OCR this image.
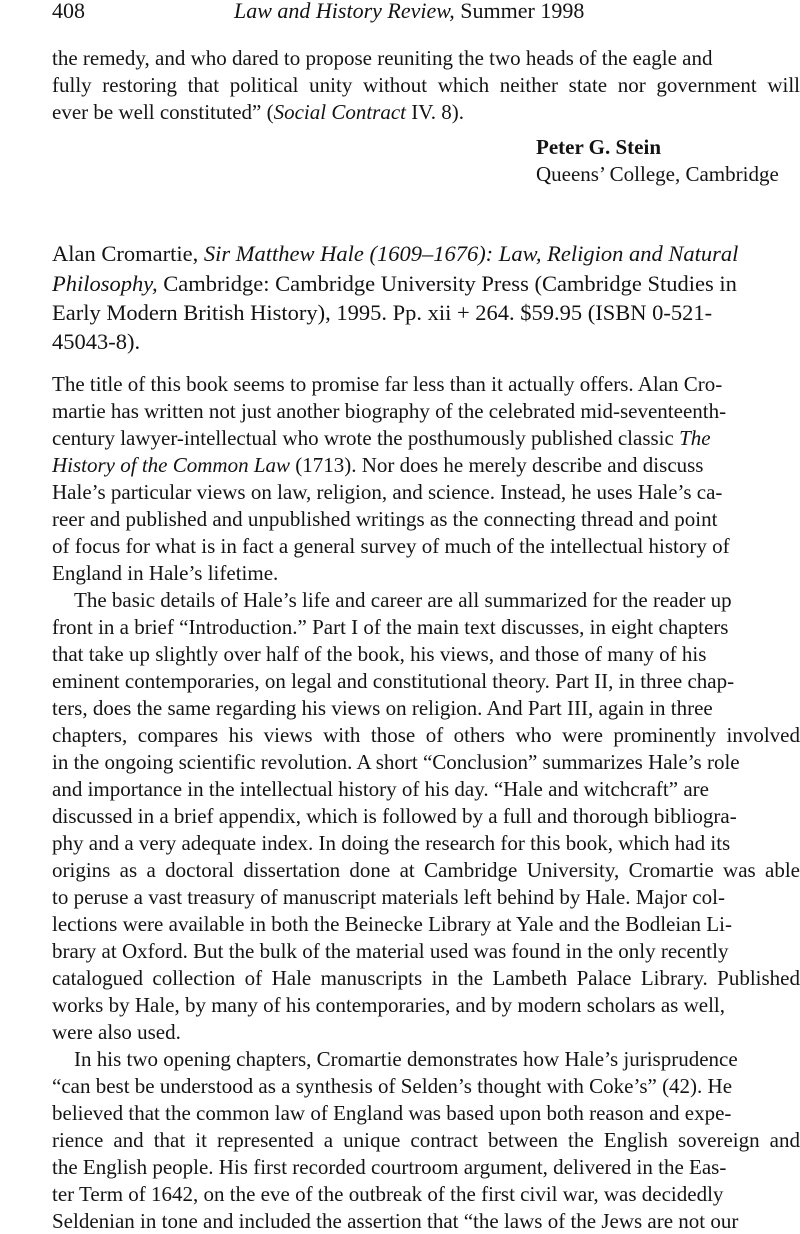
408	Law and History Review, Summer 1998
the remedy, and who dared to propose reuniting the two heads of the eagle and
fully restoring that political unity without which neither state nor government will
ever be well constituted” (Social Contract IV. 8).
Peter G. Stein
Queens’ College, Cambridge
Alan Cromartie, Sir Matthew Hale (1609–1676): Law, Religion and Natural
Philosophy, Cambridge: Cambridge University Press (Cambridge Studies in
Early Modern British History), 1995. Pp. xii + 264. $59.95 (ISBN 0-521-
45043-8).
The title of this book seems to promise far less than it actually offers. Alan Cro-
martie has written not just another biography of the celebrated mid-seventeenth-
century lawyer-intellectual who wrote the posthumously published classic The
History of the Common Law (1713). Nor does he merely describe and discuss
Hale’s particular views on law, religion, and science. Instead, he uses Hale’s ca-
reer and published and unpublished writings as the connecting thread and point
of focus for what is in fact a general survey of much of the intellectual history of
England in Hale’s lifetime.
The basic details of Hale’s life and career are all summarized for the reader up
front in a brief “Introduction.” Part I of the main text discusses, in eight chapters
that take up slightly over half of the book, his views, and those of many of his
eminent contemporaries, on legal and constitutional theory. Part II, in three chap-
ters, does the same regarding his views on religion. And Part III, again in three
chapters, compares his views with those of others who were prominently involved
in the ongoing scientific revolution. A short “Conclusion” summarizes Hale’s role
and importance in the intellectual history of his day. “Hale and witchcraft” are
discussed in a brief appendix, which is followed by a full and thorough bibliogra-
phy and a very adequate index. In doing the research for this book, which had its
origins as a doctoral dissertation done at Cambridge University, Cromartie was able
to peruse a vast treasury of manuscript materials left behind by Hale. Major col-
lections were available in both the Beinecke Library at Yale and the Bodleian Li-
brary at Oxford. But the bulk of the material used was found in the only recently
catalogued collection of Hale manuscripts in the Lambeth Palace Library. Published
works by Hale, by many of his contemporaries, and by modern scholars as well,
were also used.
In his two opening chapters, Cromartie demonstrates how Hale’s jurisprudence
“can best be understood as a synthesis of Selden’s thought with Coke’s” (42). He
believed that the common law of England was based upon both reason and expe-
rience and that it represented a unique contract between the English sovereign and
the English people. His first recorded courtroom argument, delivered in the Eas-
ter Term of 1642, on the eve of the outbreak of the first civil war, was decidedly
Seldenian in tone and included the assertion that “the laws of the Jews are not our
